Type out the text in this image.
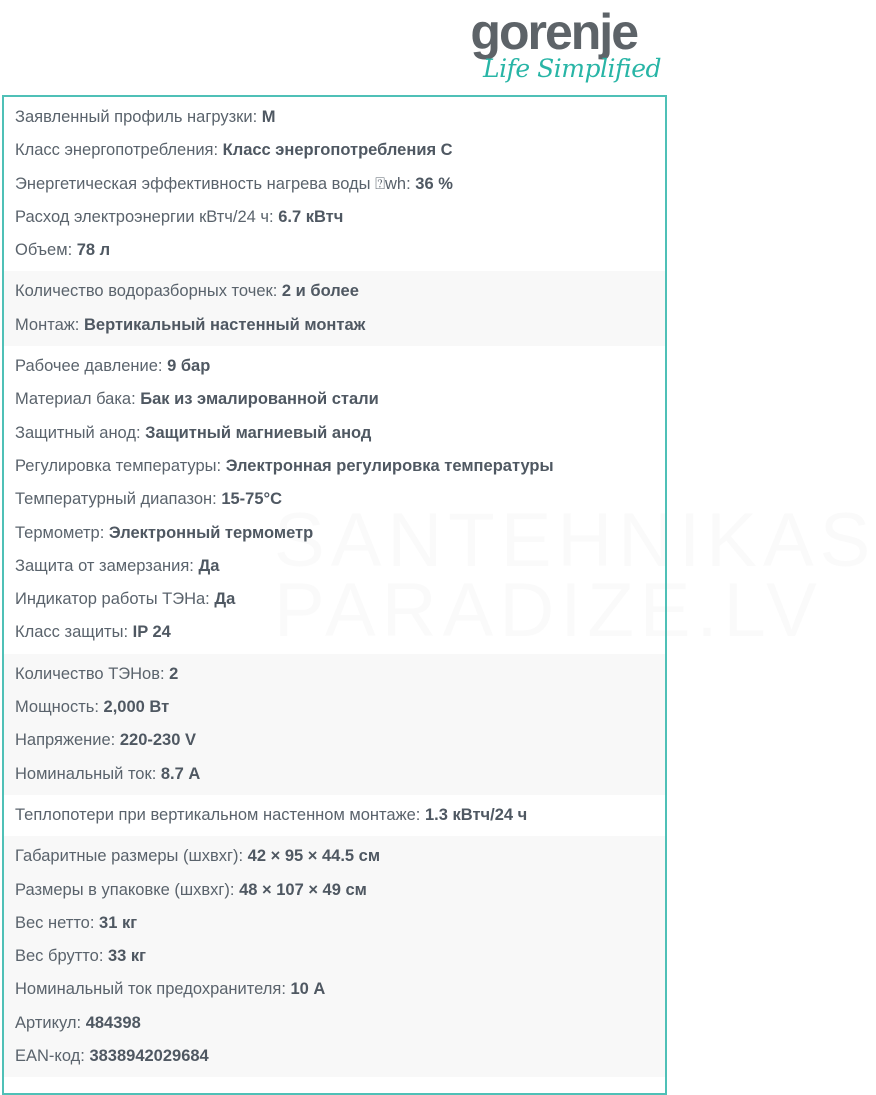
gorenje
Life Simplified
Заявленный профиль нагрузки: M
Класс энергопотребления: Класс энергопотребления C
Энергетическая эффективность нагрева воды ⍰wh: 36 %
Расход электроэнергии кВтч/24 ч: 6.7 кВтч
Объем: 78 л
Количество водоразборных точек: 2 и более
Монтаж: Вертикальный настенный монтаж
Рабочее давление: 9 бар
Материал бака: Бак из эмалированной стали
Защитный анод: Защитный магниевый анод
Регулировка температуры: Электронная регулировка температуры
Температурный диапазон: 15-75°C
Термометр: Электронный термометр
Защита от замерзания: Да
Индикатор работы ТЭНа: Да
Класс защиты: IP 24
Количество ТЭНов: 2
Мощность: 2,000 Вт
Напряжение: 220-230 V
Номинальный ток: 8.7 A
Теплопотери при вертикальном настенном монтаже: 1.3 кВтч/24 ч
Габаритные размеры (шхвхг): 42 × 95 × 44.5 см
Размеры в упаковке (шхвхг): 48 × 107 × 49 см
Вес нетто: 31 кг
Вес брутто: 33 кг
Номинальный ток предохранителя: 10 A
Артикул: 484398
EAN-код: 3838942029684
SANTEHNIKAS
PARADIZE.LV
